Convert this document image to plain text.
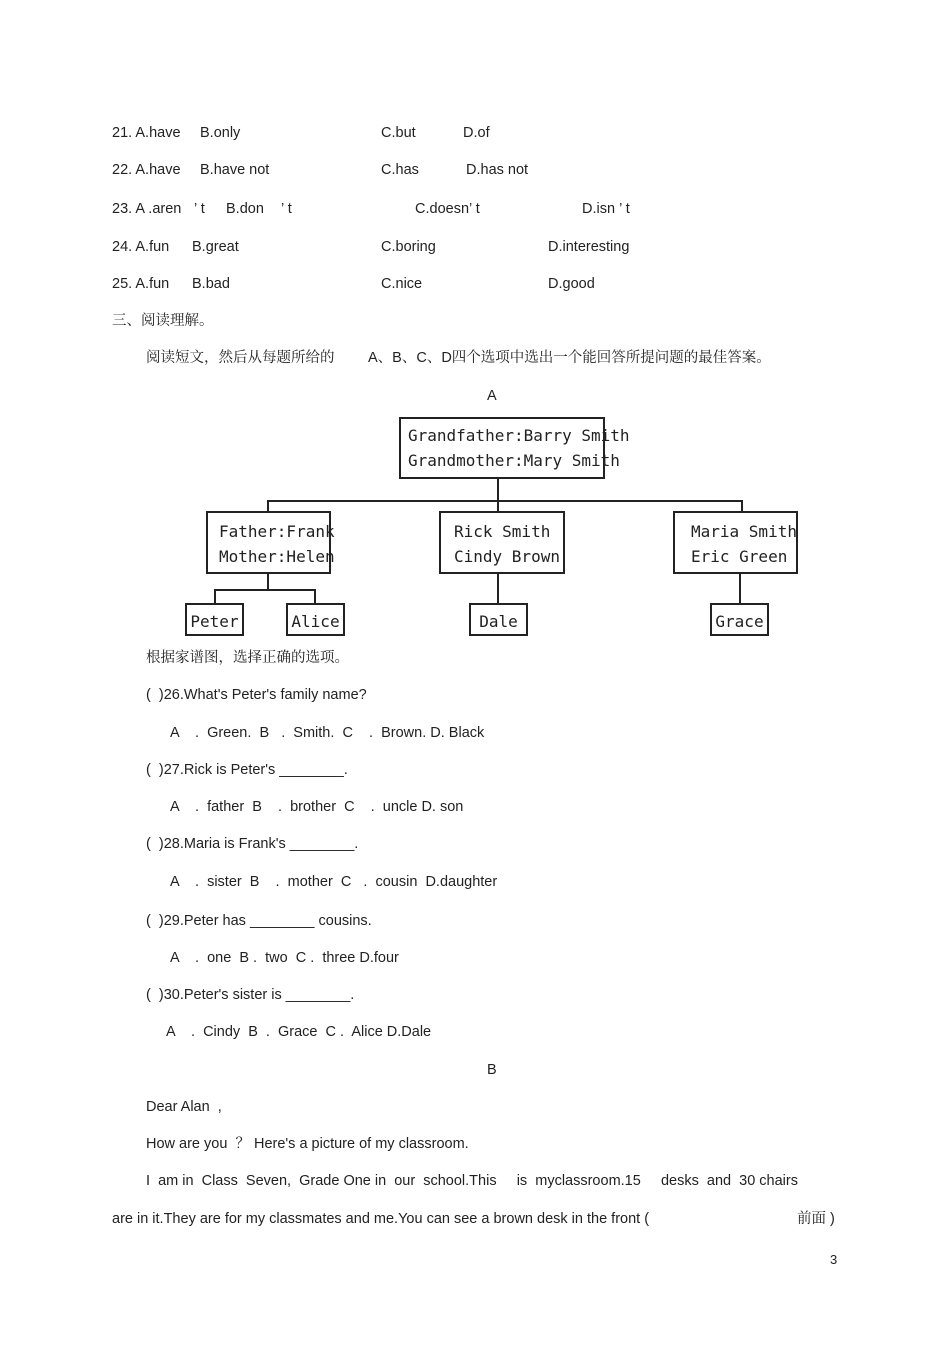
21. A.have B.only	C.but	D.of
22. A.have B.have not	C.has	D.has not
23. A .aren ’ t B.don ’ t	C.doesn’ t	D.isn ’ t
24. A.fun B.great	C.boring	D.interesting
25. A.fun B.bad	C.nice	D.good
三、阅读理解。
阅读短文，然后从每题所给的 A、B、C、D四个选项中选出一个能回答所提问题的最佳答案。
A
Grandfather:Barry Smith
Grandmother:Mary Smith
Father:Frank
Mother:Helen
Rick Smith
Cindy Brown
Maria Smith
Eric Green
Peter	Alice	Dale	Grace
根据家谱图，选择正确的选项。
(  )26.What's Peter's family name?
A    .  Green.  B   .  Smith.  C    .  Brown. D. Black
(  )27.Rick is Peter's ________.
A    .  father  B    .  brother  C    .  uncle D. son
(  )28.Maria is Frank's ________.
A    .  sister  B    .  mother  C   .  cousin  D.daughter
(  )29.Peter has ________ cousins.
A    .  one  B .  two  C .  three D.four
(  )30.Peter's sister is ________.
A    .  Cindy  B  .  Grace  C .  Alice D.Dale
B
Dear Alan  ,
How are you  ？ Here's a picture of my classroom.
I  am in  Class  Seven,  Grade One in  our  school.This     is  myclassroom.15     desks  and  30 chairs
are in it.They are for my classmates and me.You can see a brown desk in the front (	前面 )
3
